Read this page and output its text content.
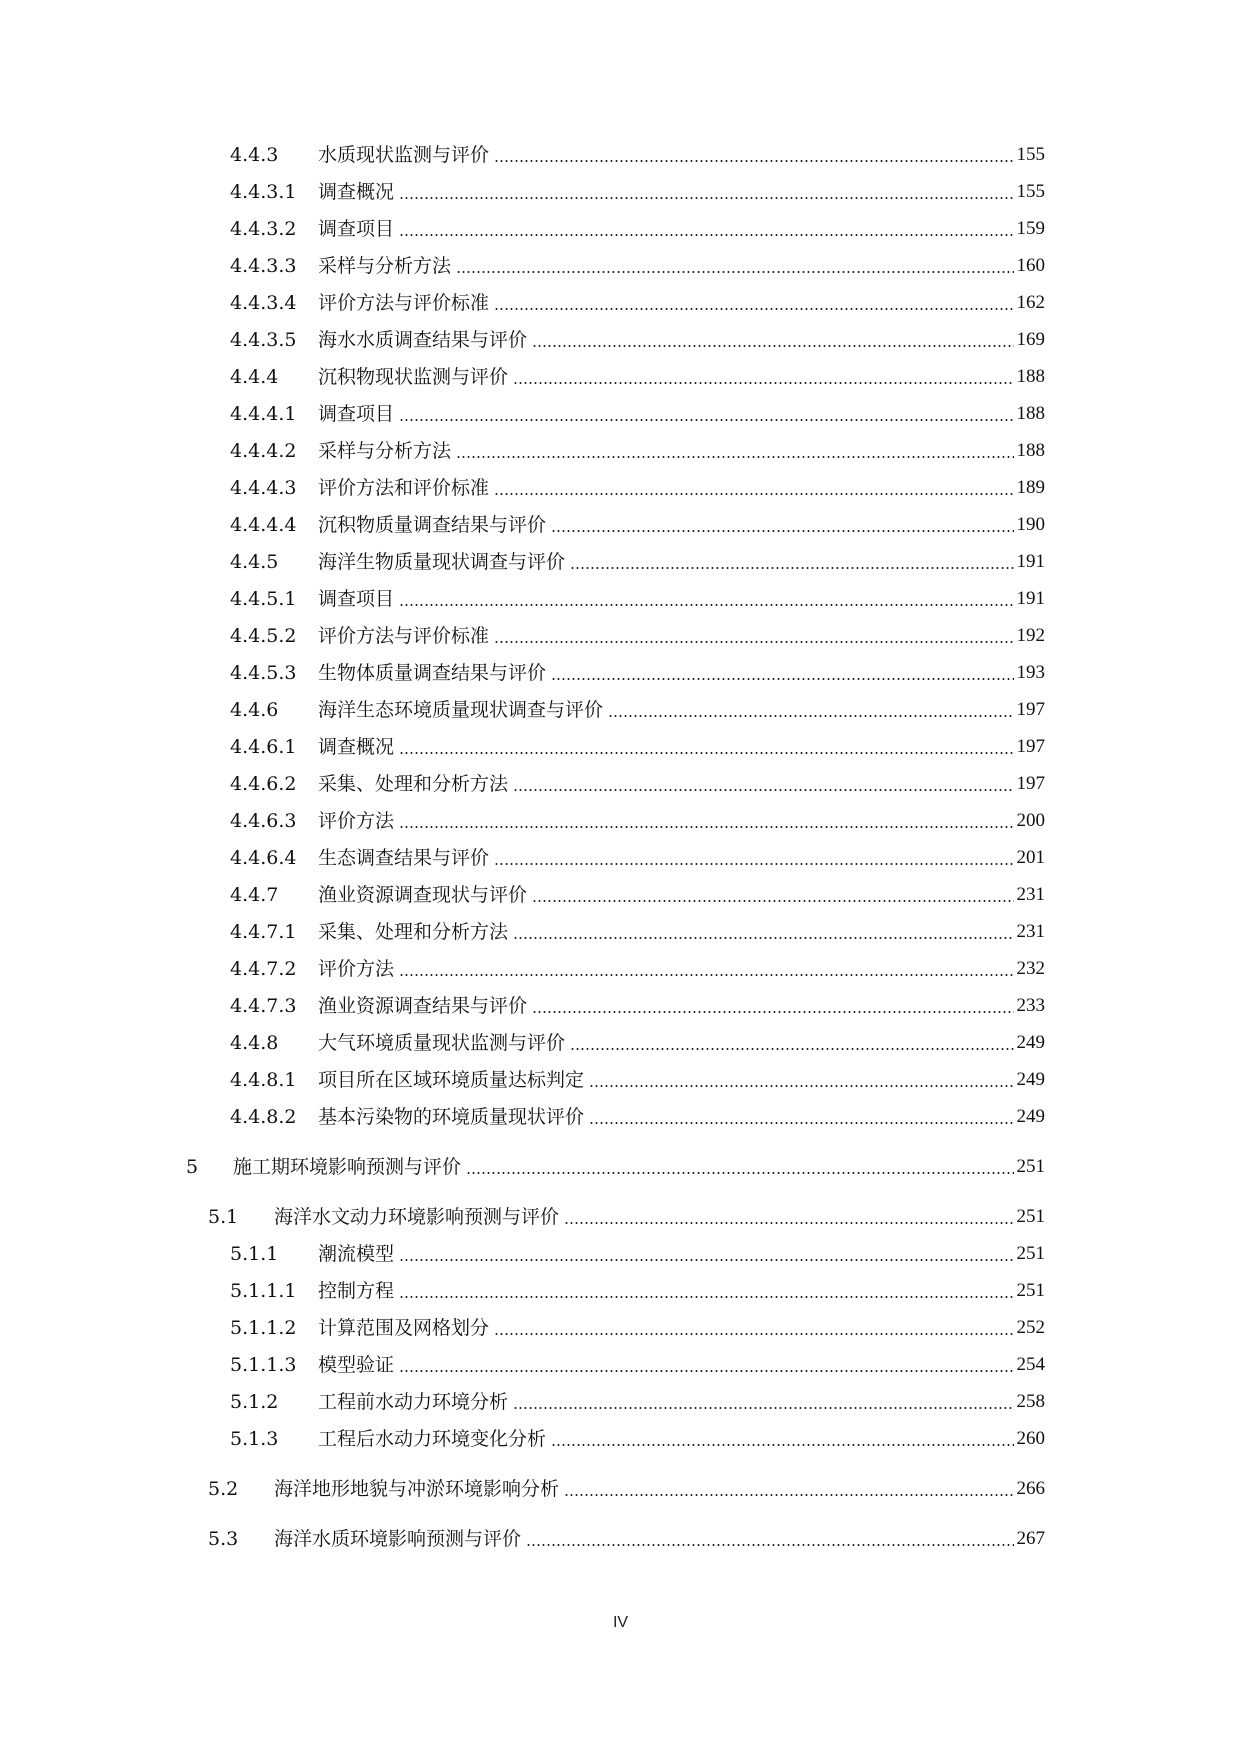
4.4.3 水质现状监测与评价	155
4.4.3.1 调查概况	155
4.4.3.2 调查项目	159
4.4.3.3 采样与分析方法	160
4.4.3.4 评价方法与评价标准	162
4.4.3.5 海水水质调查结果与评价	169
4.4.4 沉积物现状监测与评价	188
4.4.4.1 调查项目	188
4.4.4.2 采样与分析方法	188
4.4.4.3 评价方法和评价标准	189
4.4.4.4 沉积物质量调查结果与评价	190
4.4.5 海洋生物质量现状调查与评价	191
4.4.5.1 调查项目	191
4.4.5.2 评价方法与评价标准	192
4.4.5.3 生物体质量调查结果与评价	193
4.4.6 海洋生态环境质量现状调查与评价	197
4.4.6.1 调查概况	197
4.4.6.2 采集、处理和分析方法	197
4.4.6.3 评价方法	200
4.4.6.4 生态调查结果与评价	201
4.4.7 渔业资源调查现状与评价	231
4.4.7.1 采集、处理和分析方法	231
4.4.7.2 评价方法	232
4.4.7.3 渔业资源调查结果与评价	233
4.4.8 大气环境质量现状监测与评价	249
4.4.8.1 项目所在区域环境质量达标判定	249
4.4.8.2 基本污染物的环境质量现状评价	249
5 施工期环境影响预测与评价	251
5.1 海洋水文动力环境影响预测与评价	251
5.1.1 潮流模型	251
5.1.1.1 控制方程	251
5.1.1.2 计算范围及网格划分	252
5.1.1.3 模型验证	254
5.1.2 工程前水动力环境分析	258
5.1.3 工程后水动力环境变化分析	260
5.2 海洋地形地貌与冲淤环境影响分析	266
5.3 海洋水质环境影响预测与评价	267
IV
